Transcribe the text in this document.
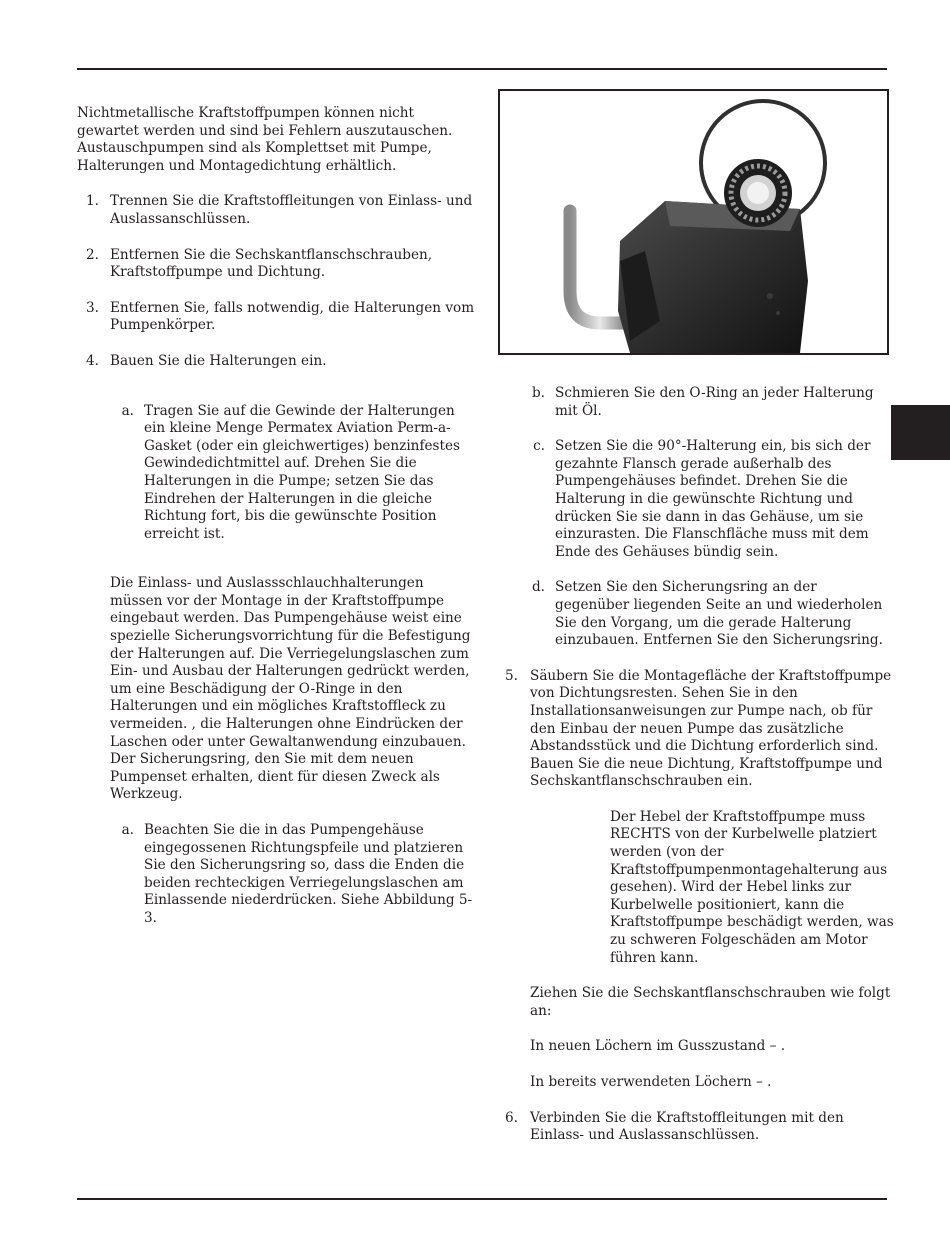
Nichtmetallische Kraftstoffpumpen können nicht gewartet werden und sind bei Fehlern auszutauschen. Austauschpumpen sind als Komplettset mit Pumpe, Halterungen und Montagedichtung erhältlich.

1. Trennen Sie die Kraftstoffleitungen von Einlass- und Auslassanschlüssen.
2. Entfernen Sie die Sechskantflanschschrauben, Kraftstoffpumpe und Dichtung.
3. Entfernen Sie, falls notwendig, die Halterungen vom Pumpenkörper.
4. Bauen Sie die Halterungen ein.
a. Tragen Sie auf die Gewinde der Halterungen ein kleine Menge Permatex Aviation Perm-a-Gasket (oder ein gleichwertiges) benzinfestes Gewindedichtmittel auf. Drehen Sie die Halterungen in die Pumpe; setzen Sie das Eindrehen der Halterungen in die gleiche Richtung fort, bis die gewünschte Position erreicht ist.

Die Einlass- und Auslassschlauchhalterungen müssen vor der Montage in der Kraftstoffpumpe eingebaut werden. Das Pumpengehäuse weist eine spezielle Sicherungsvorrichtung für die Befestigung der Halterungen auf. Die Verriegelungslaschen zum Ein- und Ausbau der Halterungen gedrückt werden, um eine Beschädigung der O-Ringe in den Halterungen und ein mögliches Kraftstoffleck zu vermeiden. , die Halterungen ohne Eindrücken der Laschen oder unter Gewaltanwendung einzubauen. Der Sicherungsring, den Sie mit dem neuen Pumpenset erhalten, dient für diesen Zweck als Werkzeug.

a. Beachten Sie die in das Pumpengehäuse eingegossenen Richtungspfeile und platzieren Sie den Sicherungsring so, dass die Enden die beiden rechteckigen Verriegelungslaschen am Einlassende niederdrücken. Siehe Abbildung 5-3.
b. Schmieren Sie den O-Ring an jeder Halterung mit Öl.
c. Setzen Sie die 90°-Halterung ein, bis sich der gezahnte Flansch gerade außerhalb des Pumpengehäuses befindet. Drehen Sie die Halterung in die gewünschte Richtung und drücken Sie sie dann in das Gehäuse, um sie einzurasten. Die Flanschfläche muss mit dem Ende des Gehäuses bündig sein.
d. Setzen Sie den Sicherungsring an der gegenüber liegenden Seite an und wiederholen Sie den Vorgang, um die gerade Halterung einzubauen. Entfernen Sie den Sicherungsring.
5. Säubern Sie die Montagefläche der Kraftstoffpumpe von Dichtungsresten. Sehen Sie in den Installationsanweisungen zur Pumpe nach, ob für den Einbau der neuen Pumpe das zusätzliche Abstandsstück und die Dichtung erforderlich sind. Bauen Sie die neue Dichtung, Kraftstoffpumpe und Sechskantflanschschrauben ein.

Der Hebel der Kraftstoffpumpe muss RECHTS von der Kurbelwelle platziert werden (von der Kraftstoffpumpenmontagehalterung aus gesehen). Wird der Hebel links zur Kurbelwelle positioniert, kann die Kraftstoffpumpe beschädigt werden, was zu schweren Folgeschäden am Motor führen kann.

Ziehen Sie die Sechskantflanschschrauben wie folgt an:

In neuen Löchern im Gusszustand – .

In bereits verwendeten Löchern – .

6. Verbinden Sie die Kraftstoffleitungen mit den Einlass- und Auslassanschlüssen.
